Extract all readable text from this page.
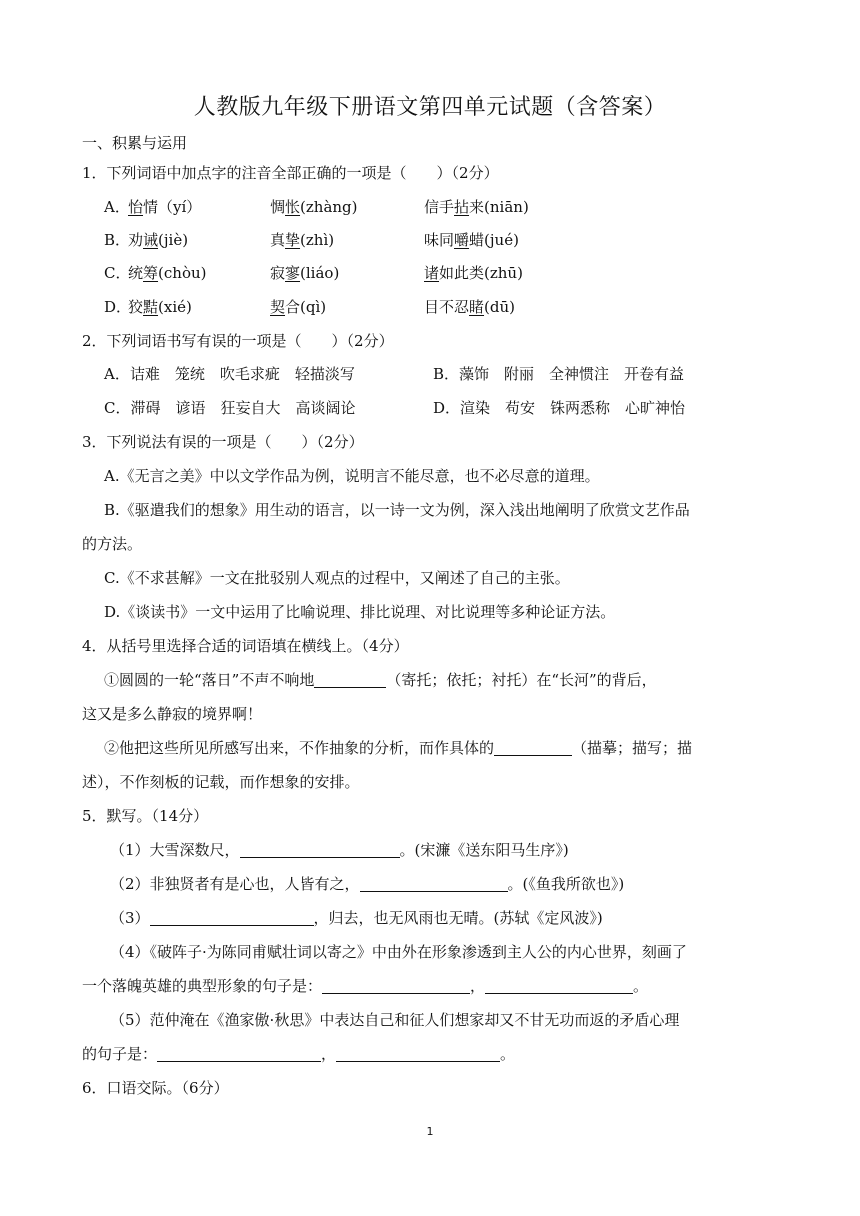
人教版九年级下册语文第四单元试题（含答案）
一、积累与运用
1．下列词语中加点字的注音全部正确的一项是（　　）（2分）
A．
怡情（yí）	惆怅(zhàng)	信手拈来(niān)
B．
劝诫(jiè)	真挚(zhì)	味同嚼蜡(jué)
C．
统筹(chòu)	寂寥(liáo)	诸如此类(zhū)
D．
狡黠(xié)	契合(qì)	目不忍睹(dū)
2．下列词语书写有误的一项是（　　）（2分）
A．诘难　笼统　吹毛求疵　轻描淡写	B．藻饰　附丽　全神惯注　开卷有益
C．滞碍　谚语　狂妄自大　高谈阔论	D．渲染　苟安　铢两悉称　心旷神怡
3．下列说法有误的一项是（　　）（2分）
A.《无言之美》中以文学作品为例，说明言不能尽意，也不必尽意的道理。
B.《驱遣我们的想象》用生动的语言，以一诗一文为例，深入浅出地阐明了欣赏文艺作品
的方法。
C.《不求甚解》一文在批驳别人观点的过程中，又阐述了自己的主张。
D.《谈读书》一文中运用了比喻说理、排比说理、对比说理等多种论证方法。
4．从括号里选择合适的词语填在横线上。（4分）
①圆圆的一轮“落日”不声不响地	（寄托；依托；衬托）在“长河”的背后，
这又是多么静寂的境界啊！
②他把这些所见所感写出来，不作抽象的分析，而作具体的	（描摹；描写；描
述），不作刻板的记载，而作想象的安排。
5．默写。（14分）
（1）大雪深数尺，	。(宋濂《送东阳马生序》)
（2）非独贤者有是心也，人皆有之，	。(《鱼我所欲也》)
（3）	，归去，也无风雨也无晴。(苏轼《定风波》)
（4）《破阵子·为陈同甫赋壮词以寄之》中由外在形象渗透到主人公的内心世界，刻画了
一个落魄英雄的典型形象的句子是：	，	。
（5）范仲淹在《渔家傲·秋思》中表达自己和征人们想家却又不甘无功而返的矛盾心理
的句子是：	，	。
6．口语交际。（6分）
1
